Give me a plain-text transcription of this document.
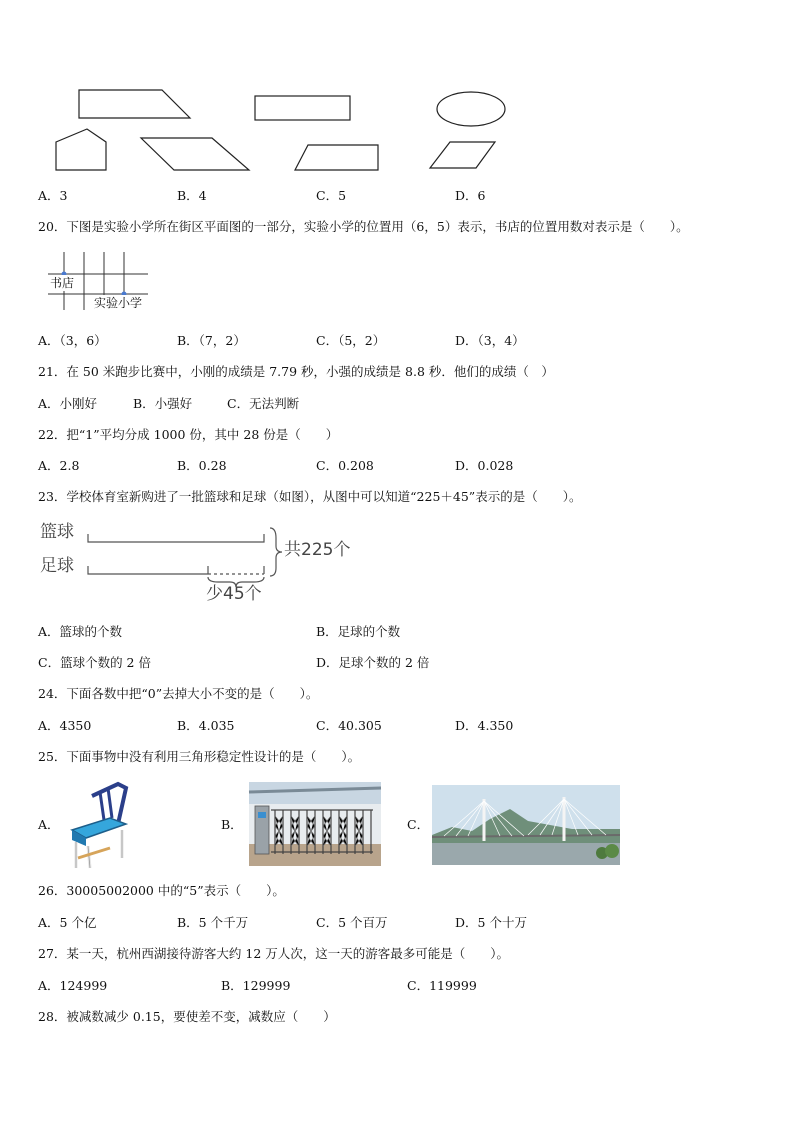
A．3	B．4	C．5	D．6
20．下图是实验小学所在街区平面图的一部分，实验小学的位置用（6，5）表示，书店的位置用数对表示是（　　）。
书店
实验小学
A．（3，6）	B．（7，2）	C．（5，2）	D．（3，4）
21．在 50 米跑步比赛中，小刚的成绩是 7.79 秒，小强的成绩是 8.8 秒．他们的成绩（　）
A．小刚好	B．小强好	C．无法判断
22．把“1”平均分成 1000 份，其中 28 份是（　　）
A．2.8	B．0.28	C．0.208	D．0.028
23．学校体育室新购进了一批篮球和足球（如图），从图中可以知道“225＋45”表示的是（　　）。
篮球
足球
共225个
少45个
A．篮球的个数	B．足球的个数
C．篮球个数的 2 倍	D．足球个数的 2 倍
24．下面各数中把“0”去掉大小不变的是（　　）。
A．4350	B．4.035	C．40.305	D．4.350
25．下面事物中没有利用三角形稳定性设计的是（　　）。
A．	B．	C．
26．30005002000 中的“5”表示（　　）。
A．5 个亿	B．5 个千万	C．5 个百万	D．5 个十万
27．某一天，杭州西湖接待游客大约 12 万人次，这一天的游客最多可能是（　　）。
A．124999	B．129999	C．119999
28．被减数减少 0.15，要使差不变，减数应（　　）
